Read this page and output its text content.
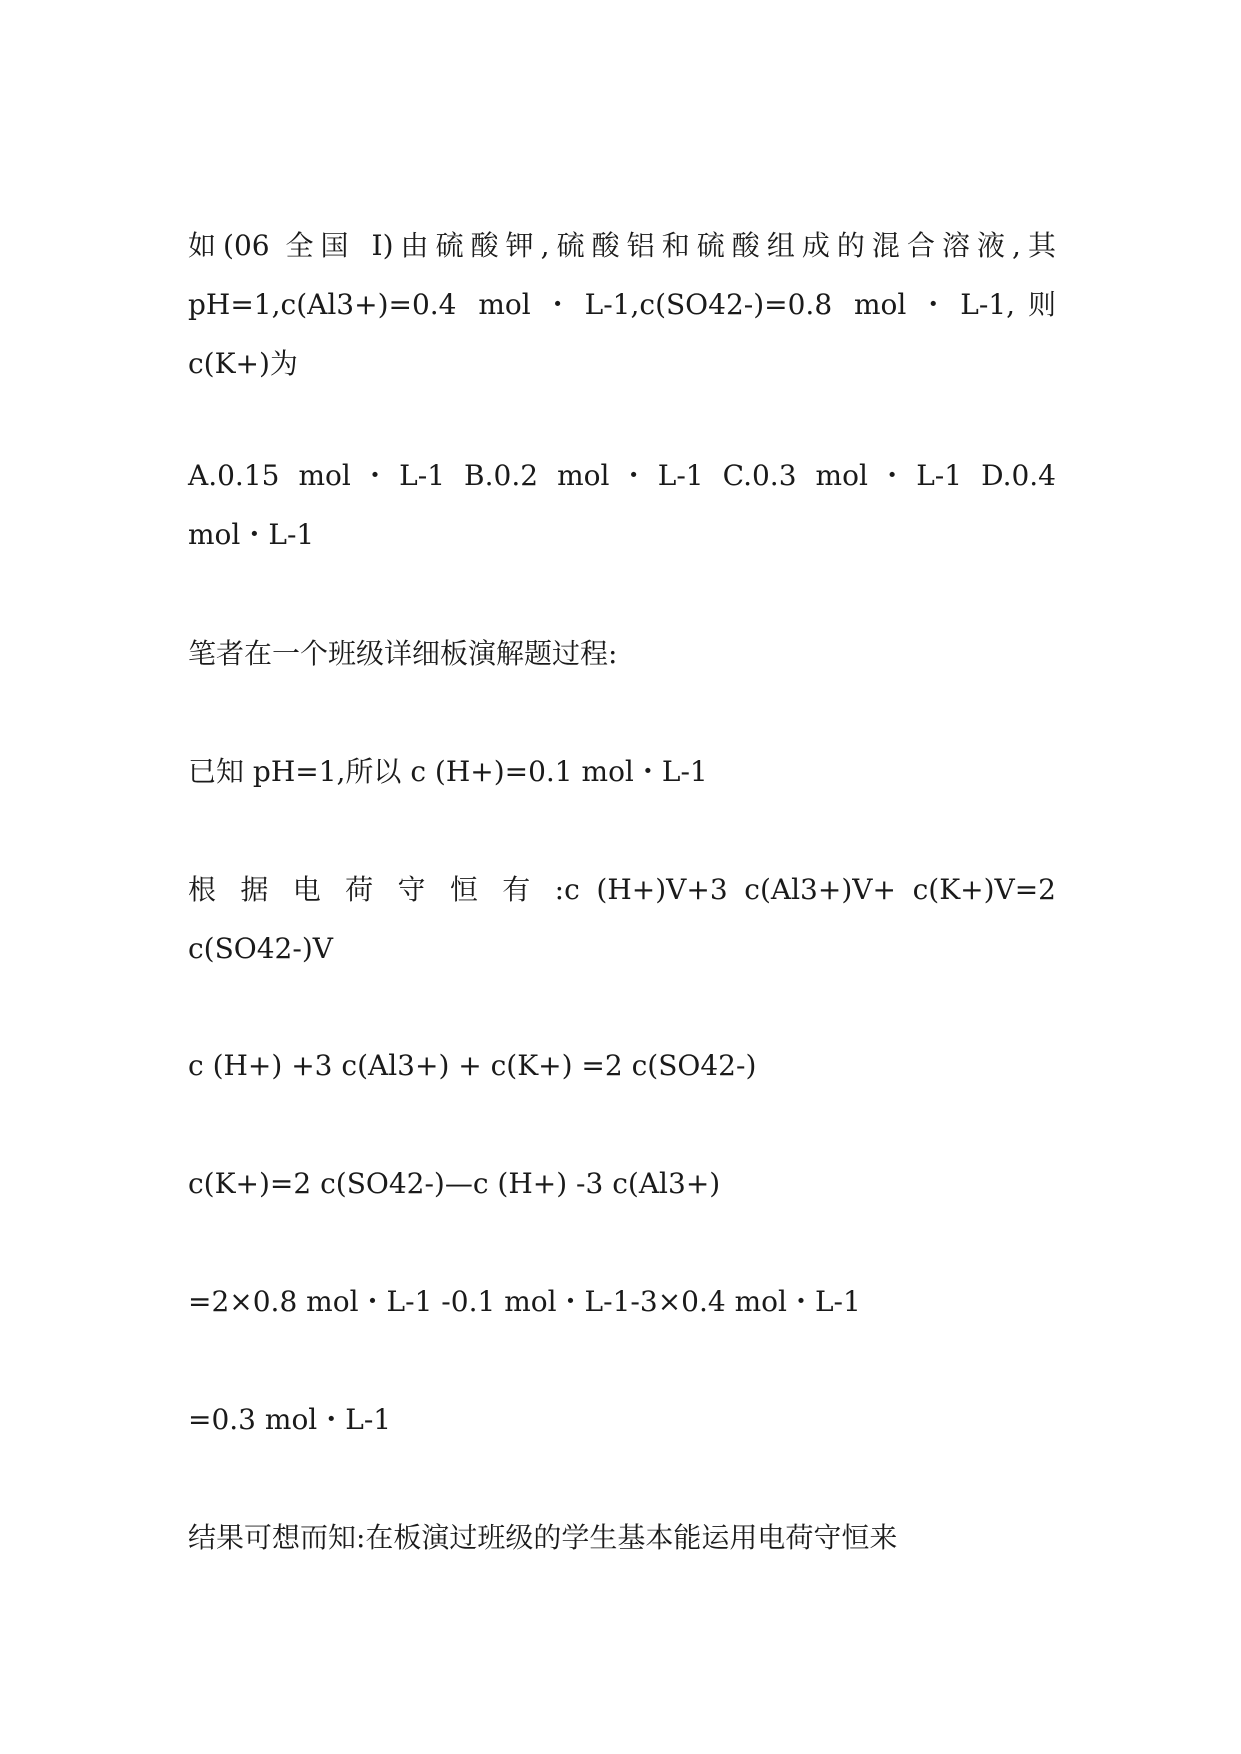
如(06 全国 I)由硫酸钾,硫酸铝和硫酸组成的混合溶液,其
pH=1,c(Al3+)=0.4 mol・L-1,c(SO42-)=0.8 mol・L-1,则
c(K+)为

A.0.15 mol・L-1 B.0.2 mol・L-1 C.0.3 mol・L-1 D.0.4
mol・L-1

笔者在一个班级详细板演解题过程:

已知 pH=1,所以 c (H+)=0.1 mol・L-1

根 据 电 荷 守 恒 有 :c (H+)V+3 c(Al3+)V+ c(K+)V=2
c(SO42-)V

c (H+) +3 c(Al3+) + c(K+) =2 c(SO42-)

c(K+)=2 c(SO42-)—c (H+) -3 c(Al3+)

=2×0.8 mol・L-1 -0.1 mol・L-1-3×0.4 mol・L-1

=0.3 mol・L-1

结果可想而知:在板演过班级的学生基本能运用电荷守恒来
